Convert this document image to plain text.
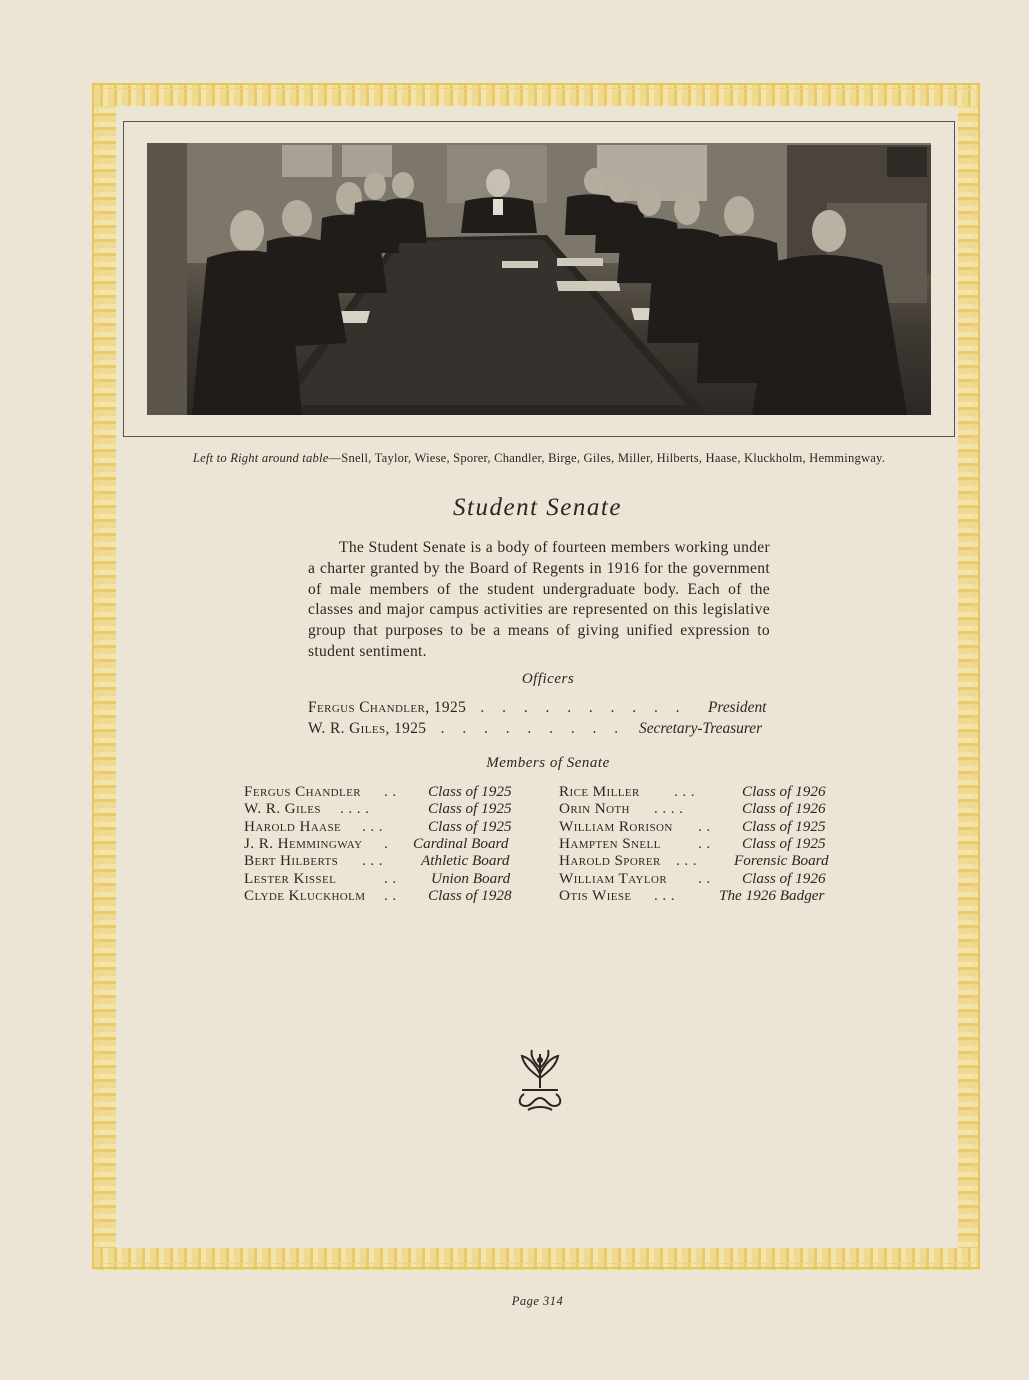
Left to Right around table—Snell, Taylor, Wiese, Sporer, Chandler, Birge, Giles, Miller, Hilberts, Haase, Kluckholm, Hemmingway.
Student Senate
The Student Senate is a body of fourteen members working under a charter granted by the Board of Regents in 1916 for the government of male members of the student undergraduate body. Each of the classes and major campus activities are represented on this legislative group that purposes to be a means of giving unified expression to student sentiment.
Officers
Fergus Chandler, 1925 . . . . . . . . . . President
W. R. Giles, 1925 . . . . . . . . . Secretary-Treasurer
Members of Senate
Fergus Chandler . . Class of 1925
W. R. Giles . . . .	Class of 1925
Harold Haase . . .	Class of 1925
J. R. Hemmingway . Cardinal Board
Bert Hilberts . . .	Athletic Board
Lester Kissel	. . Union Board
Clyde Kluckholm . . Class of 1928
Rice Miller . . .	Class of 1926
Orin Noth . . . .	Class of 1926
William Rorison . . Class of 1925
Hampten Snell . . Class of 1925
Harold Sporer . . . Forensic Board
William Taylor . . Class of 1926
Otis Wiese . . .	The 1926 Badger
Page 314
